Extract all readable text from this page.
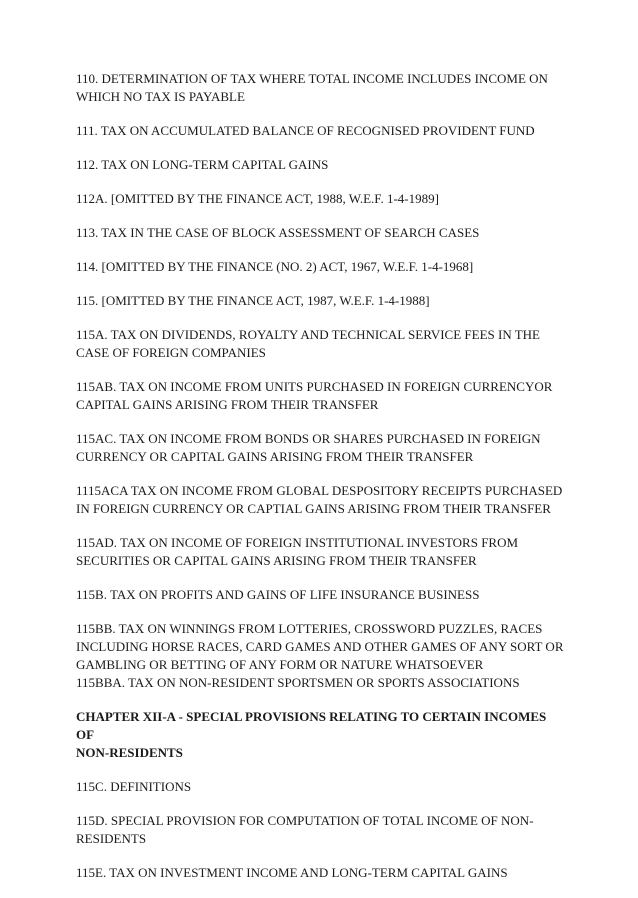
110. DETERMINATION OF TAX WHERE TOTAL INCOME INCLUDES INCOME ON
WHICH NO TAX IS PAYABLE

111. TAX ON ACCUMULATED BALANCE OF RECOGNISED PROVIDENT FUND

112. TAX ON LONG-TERM CAPITAL GAINS

112A. [OMITTED BY THE FINANCE ACT, 1988, W.E.F. 1-4-1989]

113. TAX IN THE CASE OF BLOCK ASSESSMENT OF SEARCH CASES

114. [OMITTED BY THE FINANCE (NO. 2) ACT, 1967, W.E.F. 1-4-1968]

115. [OMITTED BY THE FINANCE ACT, 1987, W.E.F. 1-4-1988]

115A. TAX ON DIVIDENDS, ROYALTY AND TECHNICAL SERVICE FEES IN THE
CASE OF FOREIGN COMPANIES

115AB. TAX ON INCOME FROM UNITS PURCHASED IN FOREIGN CURRENCYOR
CAPITAL GAINS ARISING FROM THEIR TRANSFER

115AC. TAX ON INCOME FROM BONDS OR SHARES PURCHASED IN FOREIGN
CURRENCY OR CAPITAL GAINS ARISING FROM THEIR TRANSFER

1115ACA TAX ON INCOME FROM GLOBAL DESPOSITORY RECEIPTS PURCHASED
IN FOREIGN CURRENCY OR CAPTIAL GAINS ARISING FROM THEIR TRANSFER

115AD. TAX ON INCOME OF FOREIGN INSTITUTIONAL INVESTORS FROM
SECURITIES OR CAPITAL GAINS ARISING FROM THEIR TRANSFER

115B. TAX ON PROFITS AND GAINS OF LIFE INSURANCE BUSINESS

115BB. TAX ON WINNINGS FROM LOTTERIES, CROSSWORD PUZZLES, RACES
INCLUDING HORSE RACES, CARD GAMES AND OTHER GAMES OF ANY SORT OR
GAMBLING OR BETTING OF ANY FORM OR NATURE WHATSOEVER

115BBA. TAX ON NON-RESIDENT SPORTSMEN OR SPORTS ASSOCIATIONS

CHAPTER XII-A - SPECIAL PROVISIONS RELATING TO CERTAIN INCOMES OF
NON-RESIDENTS

115C. DEFINITIONS

115D. SPECIAL PROVISION FOR COMPUTATION OF TOTAL INCOME OF NON-
RESIDENTS

115E. TAX ON INVESTMENT INCOME AND LONG-TERM CAPITAL GAINS
